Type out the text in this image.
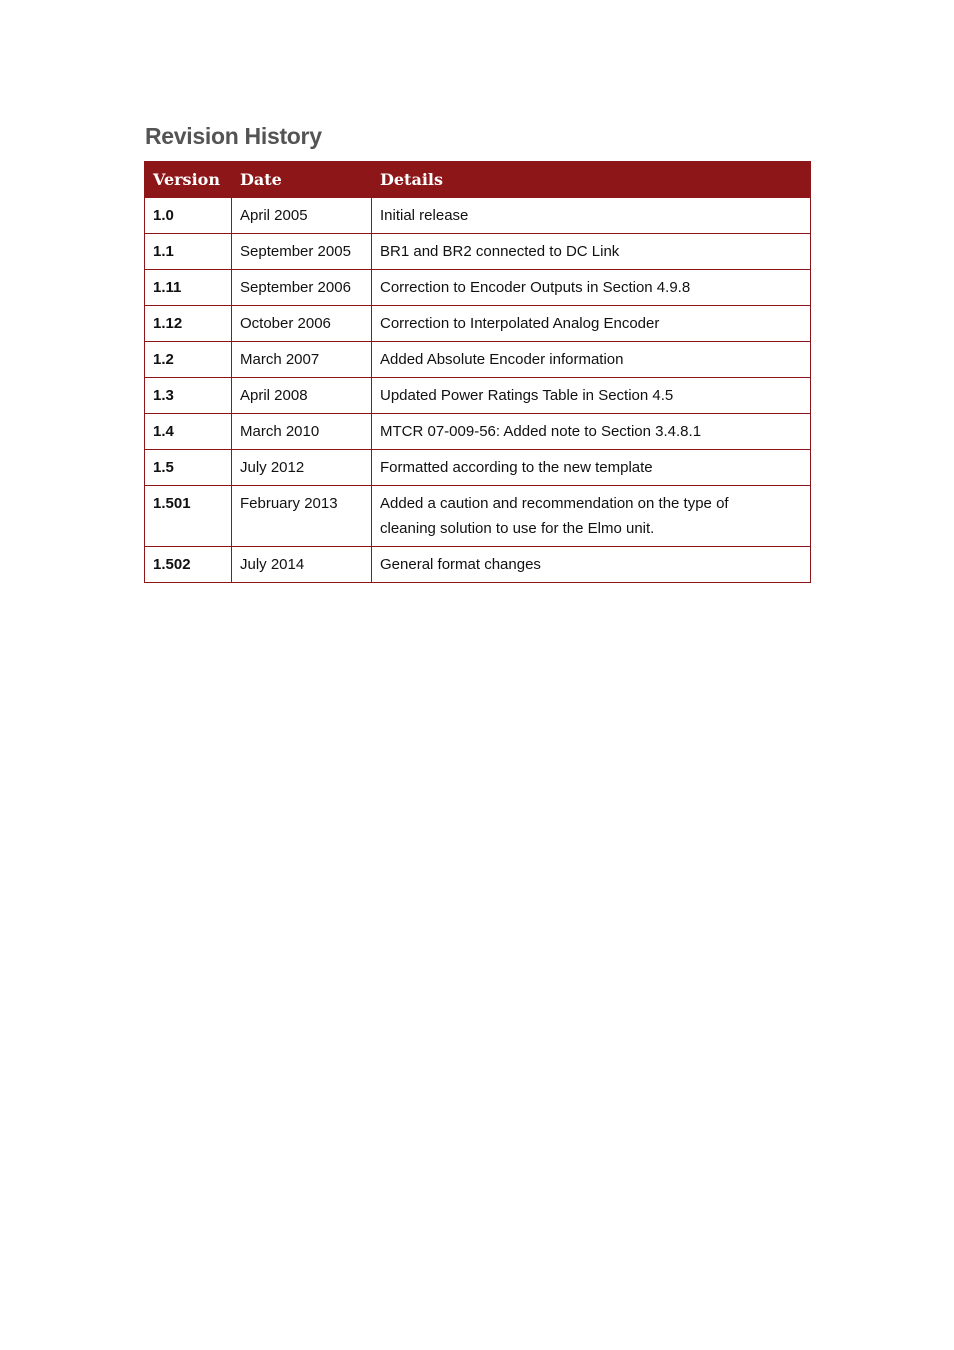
Revision History
Version	Date	Details
1.0	April 2005	Initial release
1.1	September 2005	BR1 and BR2 connected to DC Link
1.11	September 2006	Correction to Encoder Outputs in Section 4.9.8
1.12	October 2006	Correction to Interpolated Analog Encoder
1.2	March 2007	Added Absolute Encoder information
1.3	April 2008	Updated Power Ratings Table in Section 4.5
1.4	March 2010	MTCR 07-009-56: Added note to Section 3.4.8.1
1.5	July 2012	Formatted according to the new template
1.501	February 2013	Added a caution and recommendation on the type of cleaning solution to use for the Elmo unit.
1.502	July 2014	General format changes
